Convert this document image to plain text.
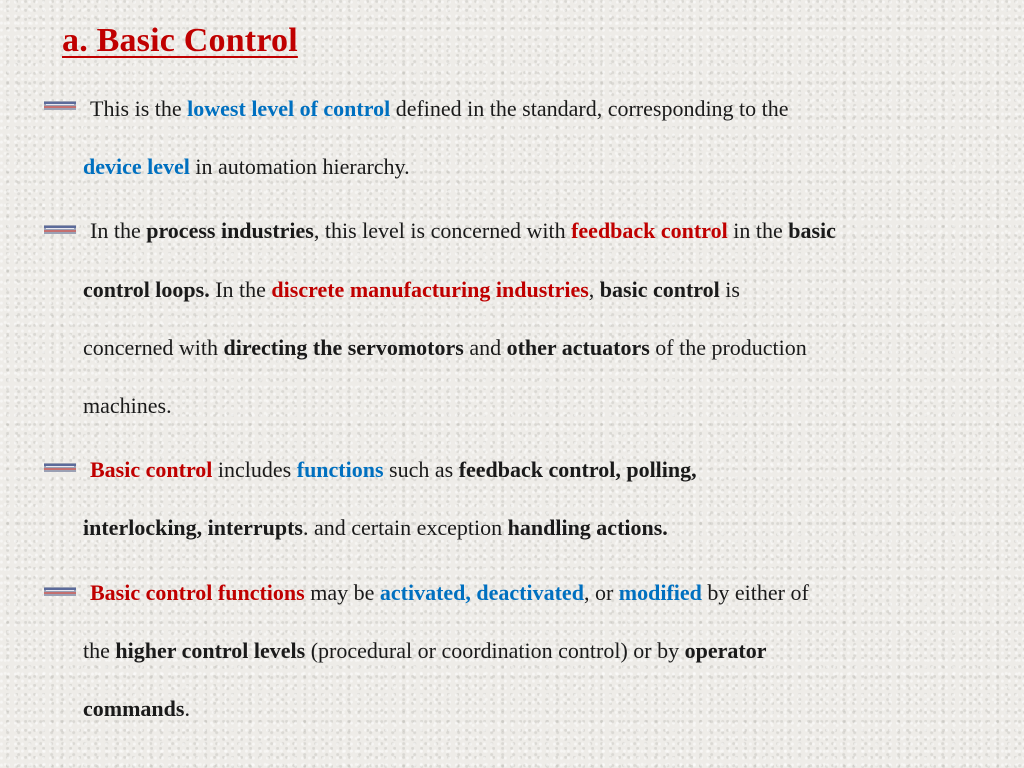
a. Basic Control
This is the lowest level of control defined in the standard, corresponding to the
device level in automation hierarchy.
In the process industries, this level is concerned with feedback control in the basic
control loops. In the discrete manufacturing industries, basic control is
concerned with directing the servomotors and other actuators of the production
machines.
Basic control includes functions such as feedback control, polling,
interlocking, interrupts. and certain exception handling actions.
Basic control functions may be activated, deactivated, or modified by either of
the higher control levels (procedural or coordination control) or by operator
commands.
